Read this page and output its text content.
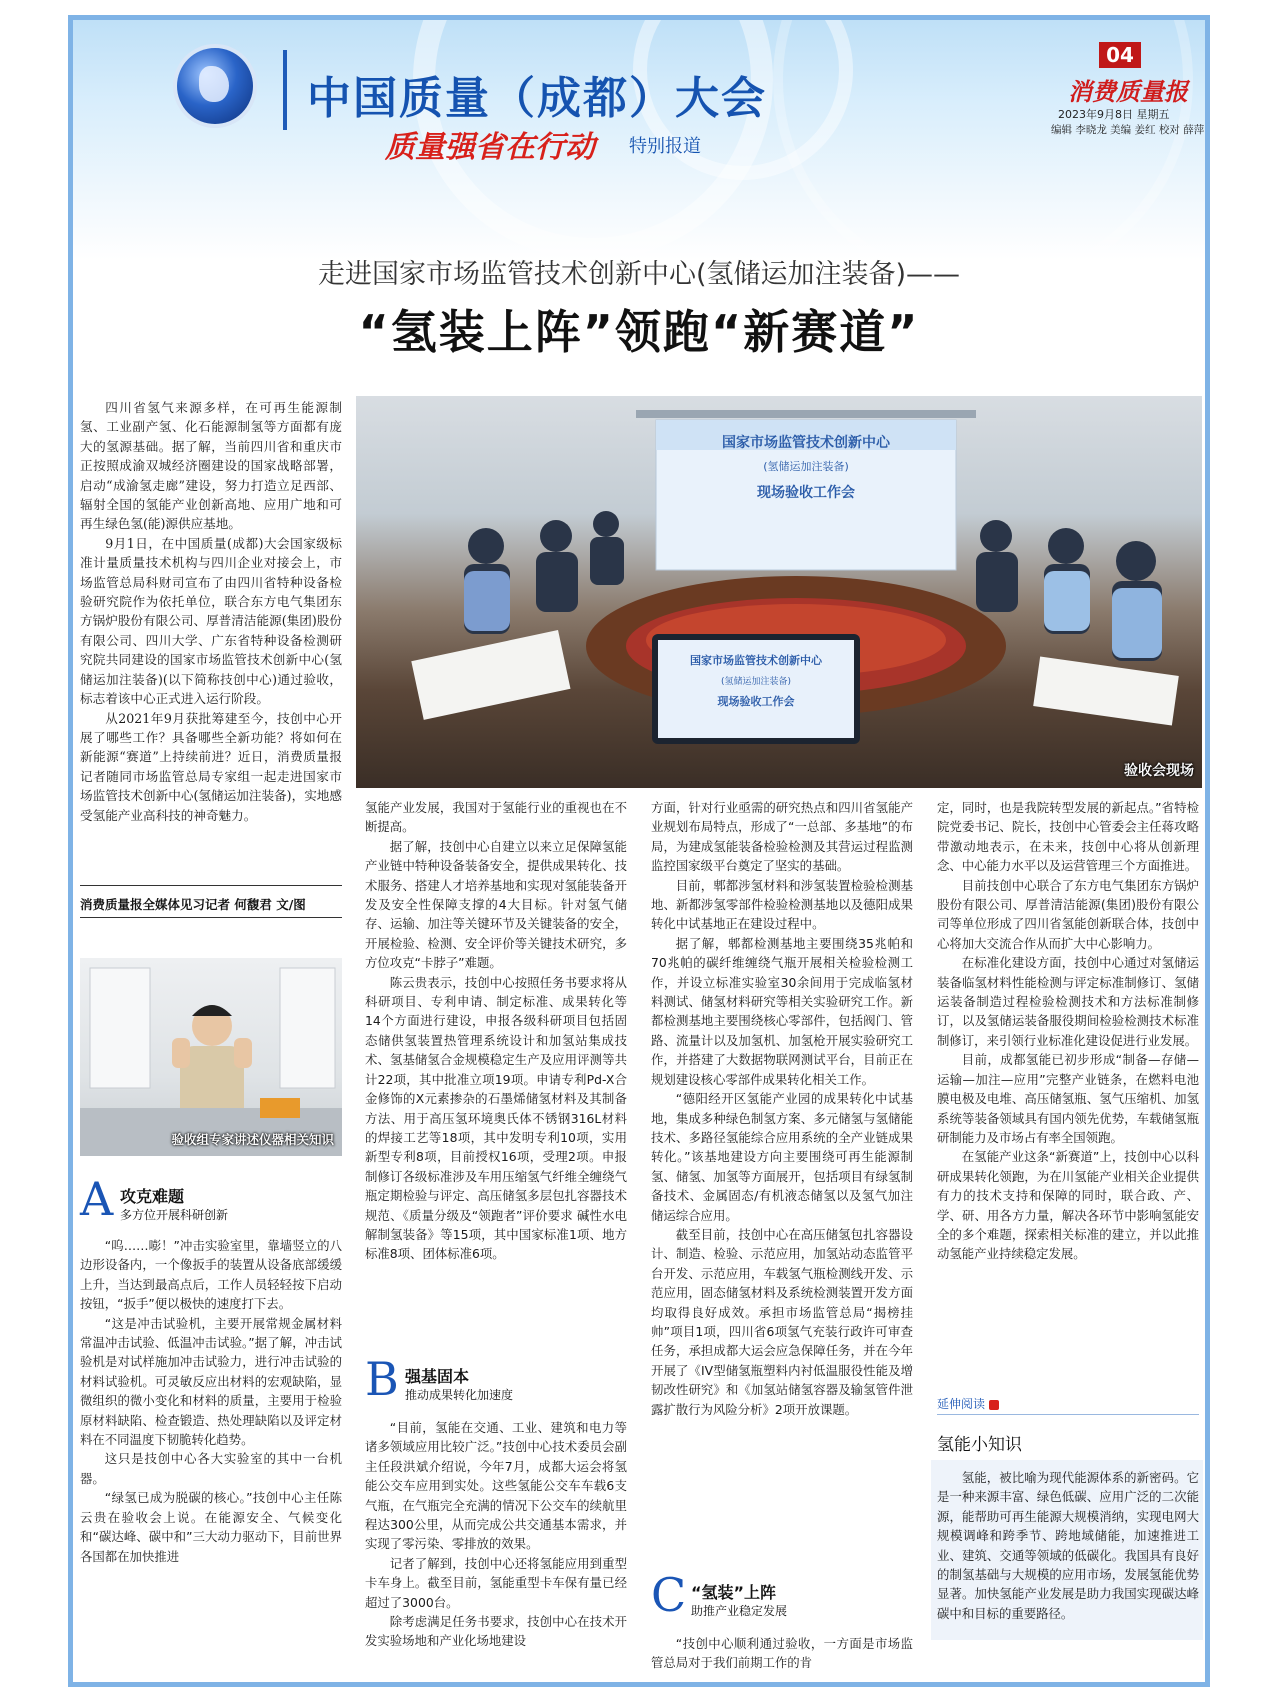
中国质量（成都）大会
质量强省在行动 特别报道
04
消费质量报
2023年9月8日 星期五
编辑 李晓龙 美编 姜红 校对 薛萍
走进国家市场监管技术创新中心(氢储运加注装备)——
“氢装上阵”领跑“新赛道”

四川省氢气来源多样，在可再生能源制氢、工业副产氢、化石能源制氢等方面都有庞大的氢源基础。据了解，当前四川省和重庆市正按照成渝双城经济圈建设的国家战略部署，启动“成渝氢走廊”建设，努力打造立足西部、辐射全国的氢能产业创新高地、应用广地和可再生绿色氢(能)源供应基地。

9月1日，在中国质量(成都)大会国家级标准计量质量技术机构与四川企业对接会上，市场监管总局科财司宣布了由四川省特种设备检验研究院作为依托单位，联合东方电气集团东方锅炉股份有限公司、厚普清洁能源(集团)股份有限公司、四川大学、广东省特种设备检测研究院共同建设的国家市场监管技术创新中心(氢储运加注装备)(以下简称技创中心)通过验收，标志着该中心正式进入运行阶段。

从2021年9月获批筹建至今，技创中心开展了哪些工作？具备哪些全新功能？将如何在新能源“赛道”上持续前进？近日，消费质量报记者随同市场监管总局专家组一起走进国家市场监管技术创新中心(氢储运加注装备)，实地感受氢能产业高科技的神奇魅力。

消费质量报全媒体见习记者 何馥君 文/图
国家市场监管技术创新中心
(氢储运加注装备)
现场验收工作会
国家市场监管技术创新中心
(氢储运加注装备)
现场验收工作会
验收会现场
验收组专家讲述仪器相关知识
A 攻克难题
多方位开展科研创新

“呜……嘭！”冲击实验室里，靠墙竖立的八边形设备内，一个像扳手的装置从设备底部缓缓上升，当达到最高点后，工作人员轻轻按下启动按钮，“扳手”便以极快的速度打下去。

“这是冲击试验机，主要开展常规金属材料常温冲击试验、低温冲击试验。”据了解，冲击试验机是对试样施加冲击试验力，进行冲击试验的材料试验机。可灵敏反应出材料的宏观缺陷，显微组织的微小变化和材料的质量，主要用于检验原材料缺陷、检查锻造、热处理缺陷以及评定材料在不同温度下韧脆转化趋势。

这只是技创中心各大实验室的其中一台机器。

“绿氢已成为脱碳的核心。”技创中心主任陈云贵在验收会上说。在能源安全、气候变化和“碳达峰、碳中和”三大动力驱动下，目前世界各国都在加快推进

氢能产业发展，我国对于氢能行业的重视也在不断提高。

据了解，技创中心自建立以来立足保障氢能产业链中特种设备装备安全，提供成果转化、技术服务、搭建人才培养基地和实现对氢能装备开发及安全性保障支撑的4大目标。针对氢气储存、运输、加注等关键环节及关键装备的安全，开展检验、检测、安全评价等关键技术研究，多方位攻克“卡脖子”难题。

陈云贵表示，技创中心按照任务书要求将从科研项目、专利申请、制定标准、成果转化等14个方面进行建设，申报各级科研项目包括固态储供氢装置热管理系统设计和加氢站集成技术、氢基储氢合金规模稳定生产及应用评测等共计22项，其中批准立项19项。申请专利Pd-X合金修饰的X元素掺杂的石墨烯储氢材料及其制备方法、用于高压氢环境奥氏体不锈钢316L材料的焊接工艺等18项，其中发明专利10项，实用新型专利8项，目前授权16项，受理2项。申报制修订各级标准涉及车用压缩氢气纤维全缠绕气瓶定期检验与评定、高压储氢多层包扎容器技术规范、《质量分级及“领跑者”评价要求 碱性水电解制氢装备》等15项，其中国家标准1项、地方标准8项、团体标准6项。

B 强基固本
推动成果转化加速度

“目前，氢能在交通、工业、建筑和电力等诸多领域应用比较广泛。”技创中心技术委员会副主任段洪斌介绍说，今年7月，成都大运会将氢能公交车应用到实处。这些氢能公交车车载6支气瓶，在气瓶完全充满的情况下公交车的续航里程达300公里，从而完成公共交通基本需求，并实现了零污染、零排放的效果。

记者了解到，技创中心还将氢能应用到重型卡车身上。截至目前，氢能重型卡车保有量已经超过了3000台。

除考虑满足任务书要求，技创中心在技术开发实验场地和产业化场地建设

方面，针对行业亟需的研究热点和四川省氢能产业规划布局特点，形成了“一总部、多基地”的布局，为建成氢能装备检验检测及其营运过程监测监控国家级平台奠定了坚实的基础。

目前，郫都涉氢材料和涉氢装置检验检测基地、新都涉氢零部件检验检测基地以及德阳成果转化中试基地正在建设过程中。

据了解，郫都检测基地主要围绕35兆帕和70兆帕的碳纤维缠绕气瓶开展相关检验检测工作，并设立标准实验室30余间用于完成临氢材料测试、储氢材料研究等相关实验研究工作。新都检测基地主要围绕核心零部件，包括阀门、管路、流量计以及加氢机、加氢枪开展实验研究工作，并搭建了大数据物联网测试平台，目前正在规划建设核心零部件成果转化相关工作。

“德阳经开区氢能产业园的成果转化中试基地，集成多种绿色制氢方案、多元储氢与氢储能技术、多路径氢能综合应用系统的全产业链成果转化。”该基地建设方向主要围绕可再生能源制氢、储氢、加氢等方面展开，包括项目有绿氢制备技术、金属固态/有机液态储氢以及氢气加注储运综合应用。

截至目前，技创中心在高压储氢包扎容器设计、制造、检验、示范应用，加氢站动态监管平台开发、示范应用，车载氢气瓶检测线开发、示范应用，固态储氢材料及系统检测装置开发方面均取得良好成效。承担市场监管总局“揭榜挂帅”项目1项，四川省6项氢气充装行政许可审查任务，承担成都大运会应急保障任务，并在今年开展了《IV型储氢瓶塑料内衬低温服役性能及增韧改性研究》和《加氢站储氢容器及输氢管件泄露扩散行为风险分析》2项开放课题。

C “氢装”上阵
助推产业稳定发展

“技创中心顺利通过验收，一方面是市场监管总局对于我们前期工作的肯

定，同时，也是我院转型发展的新起点。”省特检院党委书记、院长，技创中心管委会主任蒋攻略带激动地表示，在未来，技创中心将从创新理念、中心能力水平以及运营管理三个方面推进。

目前技创中心联合了东方电气集团东方锅炉股份有限公司、厚普清洁能源(集团)股份有限公司等单位形成了四川省氢能创新联合体，技创中心将加大交流合作从而扩大中心影响力。

在标准化建设方面，技创中心通过对氢储运装备临氢材料性能检测与评定标准制修订、氢储运装备制造过程检验检测技术和方法标准制修订，以及氢储运装备服役期间检验检测技术标准制修订，来引领行业标准化建设促进行业发展。

目前，成都氢能已初步形成“制备—存储—运输—加注—应用”完整产业链条，在燃料电池膜电极及电堆、高压储氢瓶、氢气压缩机、加氢系统等装备领域具有国内领先优势，车载储氢瓶研制能力及市场占有率全国领跑。

在氢能产业这条“新赛道”上，技创中心以科研成果转化领跑，为在川氢能产业相关企业提供有力的技术支持和保障的同时，联合政、产、学、研、用各方力量，解决各环节中影响氢能安全的多个难题，探索相关标准的建立，并以此推动氢能产业持续稳定发展。

延伸阅读
氢能小知识

氢能，被比喻为现代能源体系的新密码。它是一种来源丰富、绿色低碳、应用广泛的二次能源，能帮助可再生能源大规模消纳，实现电网大规模调峰和跨季节、跨地域储能，加速推进工业、建筑、交通等领域的低碳化。我国具有良好的制氢基础与大规模的应用市场，发展氢能优势显著。加快氢能产业发展是助力我国实现碳达峰碳中和目标的重要路径。
